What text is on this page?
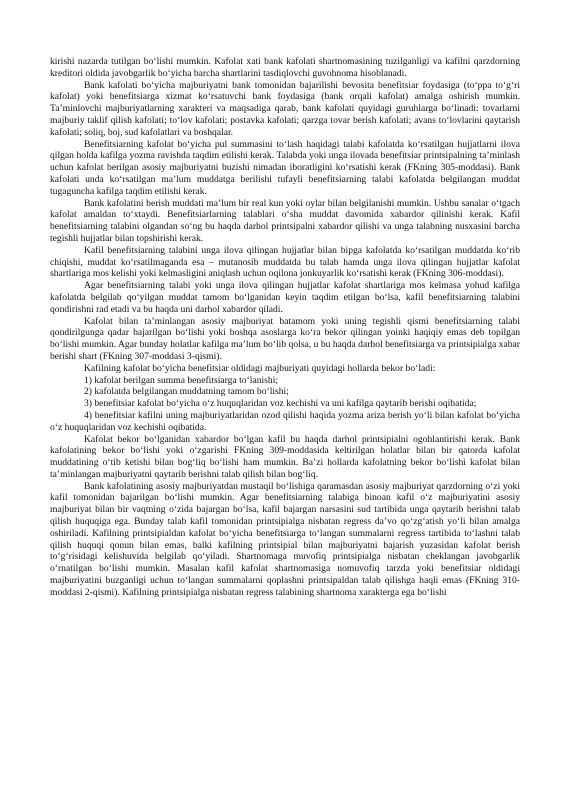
kirishi nazarda tutilgan bo‘lishi mumkin. Kafolat xati bank kafolati shartnomasining tuzilganligi va kafilni qarzdorning kreditori oldida javobgarlik bo‘yicha barcha shartlarini tasdiqlovchi guvohnoma hisoblanadi.

Bank kafolati bo‘yicha majburiyatni bank tomonidan bajarilishi bevosita benefitsiar foydasiga (to‘ppa to‘g‘ri kafolat) yoki benefitsiarga xizmat ko‘rsatuvchi bank foydasiga (bank orqali kafolat) amalga oshirish mumkin. Ta’minlovchi majburiyatlarning xarakteri va maqsadiga qarab, bank kafolati quyidagi guruhlarga bo‘linadi: tovarlarni majburiy taklif qilish kafolati; to‘lov kafolati; postavka kafolati; qarzga tovar berish kafolati; avans to‘lovlarini qaytarish kafolati; soliq, boj, sud kafolatlari va boshqalar.

Benefitsiarning kafolat bo‘yicha pul summasini to‘lash haqidagi talabi kafolatda ko‘rsatilgan hujjatlarni ilova qilgan holda kafilga yozma ravishda taqdim etilishi kerak. Talabda yoki unga ilovada benefitsiar printsipalning ta’minlash uchun kafolat berilgan asosiy majburiyatni buzishi nimadan iboratligini ko‘rsatishi kerak (FKning 305-moddasi). Bank kafolati unda ko‘rsatilgan ma’lum muddatga berilishi tufayli benefitsiarning talabi kafolatda belgilangan muddat tugaguncha kafilga taqdim etilishi kerak.

Bank kafolatini berish muddati ma’lum bir real kun yoki oylar bilan belgilanishi mumkin. Ushbu sanalar o‘tgach kafolat amaldan to‘xtaydi. Benefitsiarlarning talablari o‘sha muddat davomida xabardor qilinishi kerak. Kafil benefitsiarning talabini olgandan so‘ng bu haqda darhol printsipalni xabardor qilishi va unga talabning nusxasini barcha tegishli hujjatlar bilan topshirishi kerak.

Kafil benefitsiarning talabini unga ilova qilingan hujjatlar bilan bipga kafolatda ko‘rsatilgan muddatda ko‘rib chiqishi, muddat ko‘rsatilmaganda esa – mutanosib muddatda bu talab hamda unga ilova qilingan hujjatlar kafolat shartlariga mos kelishi yoki kelmasligini aniqlash uchun oqilona jonkuyarlik ko‘rsatishi kerak (FKning 306-moddasi).

Agar benefitsiarning talabi yoki unga ilova qilingan hujjatlar kafolat shartlariga mos kelmasa yohud kafilga kafolatda belgilab qo‘yilgan muddat tamom bo‘lganidan keyin taqdim etilgan bo‘lsa, kafil benefitsiarning talabini qondirishni rad etadi va bu haqda uni darhol xabardor qiladi.

Kafolat bilan ta’minlangan asosiy majburiyat batamom yoki uning tegishli qismi benefitsiarning talabi qondirilgunga qadar bajarilgan bo‘lishi yoki boshqa asoslarga ko‘ra bekor qilingan yoinki haqiqiy emas deb topilgan bo‘lishi mumkin. Agar bunday holatlar kafilga ma’lum bo‘lib qolsa, u bu haqda darhol benefitsiarga va printsipialga xabar berishi shart (FKning 307-moddasi 3-qismi).

Kafilning kafolat bo‘yicha benefitsiar oldidagi majburiyati quyidagi hollarda bekor bo‘ladi:

1) kafolat berilgan summa benefitsiarga to‘lanishi;

2) kafolatda belgilangan muddatning tamom bo‘lishi;

3) benefitsiar kafolat bo‘yicha o‘z huquqlaridan voz kechishi va uni kafilga qaytarib berishi oqibatida;

4) benefitsiar kafilni uning majburiyatlaridan ozod qilishi haqida yozma ariza berish yo‘li bilan kafolat bo‘yicha o‘z huquqlaridan voz kechishi oqibatida.

Kafolat bekor bo‘lganidan xabardor bo‘lgan kafil bu haqda darhol printsipialni ogohlantirishi kerak. Bank kafolatining bekor bo‘lishi yoki o‘zgarishi FKning 309-moddasida keltirilgan holatlar bilan bir qatorda kafolat muddatining o‘tib ketishi bilan bog‘liq bo‘lishi ham mumkin. Ba’zi hollarda kafolatning bekor bo‘lishi kafolat bilan ta’minlangan majburiyatni qaytarib berishni talab qilish bilan bog‘liq.

Bank kafolatining asosiy majburiyatdan mustaqil bo‘lishiga qaramasdan asosiy majburiyat qarzdorning o‘zi yoki kafil tomonidan bajarilgan bo‘lishi mumkin. Agar benefitsiarning talabiga binoan kafil o‘z majburiyatini asosiy majburiyat bilan bir vaqtning o‘zida bajargan bo‘lsa, kafil bajargan narsasini sud tartibida unga qaytarib berishni talab qilish huquqiga ega. Bunday talab kafil tomonidan printsipialga nisbatan regress da’vo qo‘zg‘atish yo‘li bilan amalga oshiriladi. Kafilning printsipialdan kafolat bo‘yicha benefitsiarga to‘langan summalarni regress tartibida to‘lashni talab qilish huquqi qonun bilan emas, balki kafilning printsipial bilan majburiyatni bajarish yuzasidan kafolat berish to‘g‘risidagi kelishuvida belgilab qo‘yiladi. Shartnomaga muvofiq printsipialga nisbatan cheklangan javobgarlik o‘rnatilgan bo‘lishi mumkin. Masalan kafil kafolat shartnomasiga nomuvofiq tarzda yoki benefitsiar oldidagi majburiyatini buzganligi uchun to‘langan summalarni qoplashni printsipaldan talab qilishga haqli emas (FKning 310-moddasi 2-qismi). Kafilning printsipialga nisbatan regress talabining shartnoma xarakterga ega bo‘lishi
